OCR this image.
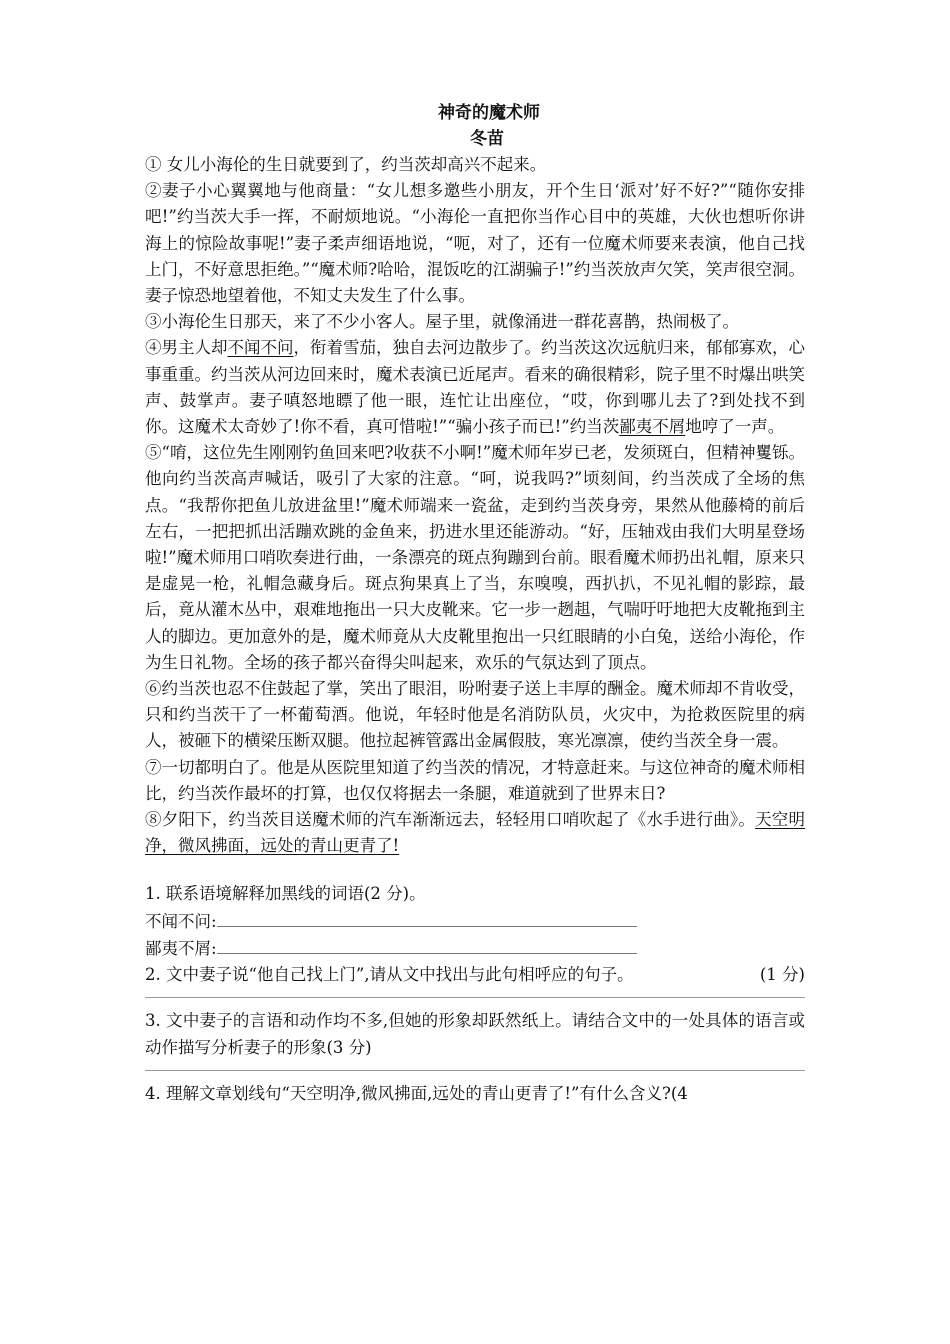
神奇的魔术师
冬苗

① 女儿小海伦的生日就要到了，约当茨却高兴不起来。

②妻子小心翼翼地与他商量：“女儿想多邀些小朋友，开个生日‘派对’好不好?”“随你安排吧!”约当茨大手一挥，不耐烦地说。“小海伦一直把你当作心目中的英雄，大伙也想听你讲海上的惊险故事呢!”妻子柔声细语地说，“呃，对了，还有一位魔术师要来表演，他自己找上门，不好意思拒绝。”“魔术师?哈哈，混饭吃的江湖骗子!”约当茨放声欠笑，笑声很空洞。妻子惊恐地望着他，不知丈夫发生了什么事。

③小海伦生日那天，来了不少小客人。屋子里，就像涌进一群花喜鹊，热闹极了。

④男主人却不闻不问，衔着雪茄，独自去河边散步了。约当茨这次远航归来，郁郁寡欢，心事重重。约当茨从河边回来时，魔术表演已近尾声。看来的确很精彩，院子里不时爆出哄笑声、鼓掌声。妻子嗔怒地瞟了他一眼，连忙让出座位，“哎，你到哪儿去了?到处找不到你。这魔术太奇妙了!你不看，真可惜啦!”“骗小孩子而已!”约当茨鄙夷不屑地哼了一声。

⑤“唷，这位先生刚刚钓鱼回来吧?收获不小啊!”魔术师年岁已老，发须斑白，但精神矍铄。他向约当茨高声喊话，吸引了大家的注意。“呵，说我吗?”顷刻间，约当茨成了全场的焦点。“我帮你把鱼儿放进盆里!”魔术师端来一瓷盆，走到约当茨身旁，果然从他藤椅的前后左右，一把把抓出活蹦欢跳的金鱼来，扔进水里还能游动。“好，压轴戏由我们大明星登场啦!”魔术师用口哨吹奏进行曲，一条漂亮的斑点狗蹦到台前。眼看魔术师扔出礼帽，原来只是虚晃一枪，礼帽急藏身后。斑点狗果真上了当，东嗅嗅，西扒扒，不见礼帽的影踪，最后，竟从灌木丛中，艰难地拖出一只大皮靴来。它一步一趔趄，气喘吁吁地把大皮靴拖到主人的脚边。更加意外的是，魔术师竟从大皮靴里抱出一只红眼睛的小白兔，送给小海伦，作为生日礼物。全场的孩子都兴奋得尖叫起来，欢乐的气氛达到了顶点。

⑥约当茨也忍不住鼓起了掌，笑出了眼泪，吩咐妻子送上丰厚的酬金。魔术师却不肯收受，只和约当茨干了一杯葡萄酒。他说，年轻时他是名消防队员，火灾中，为抢救医院里的病人，被砸下的横梁压断双腿。他拉起裤管露出金属假肢，寒光凛凛，使约当茨全身一震。

⑦一切都明白了。他是从医院里知道了约当茨的情况，才特意赶来。与这位神奇的魔术师相比，约当茨作最坏的打算，也仅仅将据去一条腿，难道就到了世界末日?

⑧夕阳下，约当茨目送魔术师的汽车渐渐远去，轻轻用口哨吹起了《水手进行曲》。天空明净，微风拂面，远处的青山更青了!

1. 联系语境解释加黑线的词语(2 分)。

不闻不问:

鄙夷不屑:

2. 文中妻子说“他自己找上门”,请从文中找出与此句相呼应的句子。	(1 分)

3. 文中妻子的言语和动作均不多,但她的形象却跃然纸上。请结合文中的一处具体的语言或动作描写分析妻子的形象(3 分)

4. 理解文章划线句“天空明净,微风拂面,远处的青山更青了!”有什么含义?(4
